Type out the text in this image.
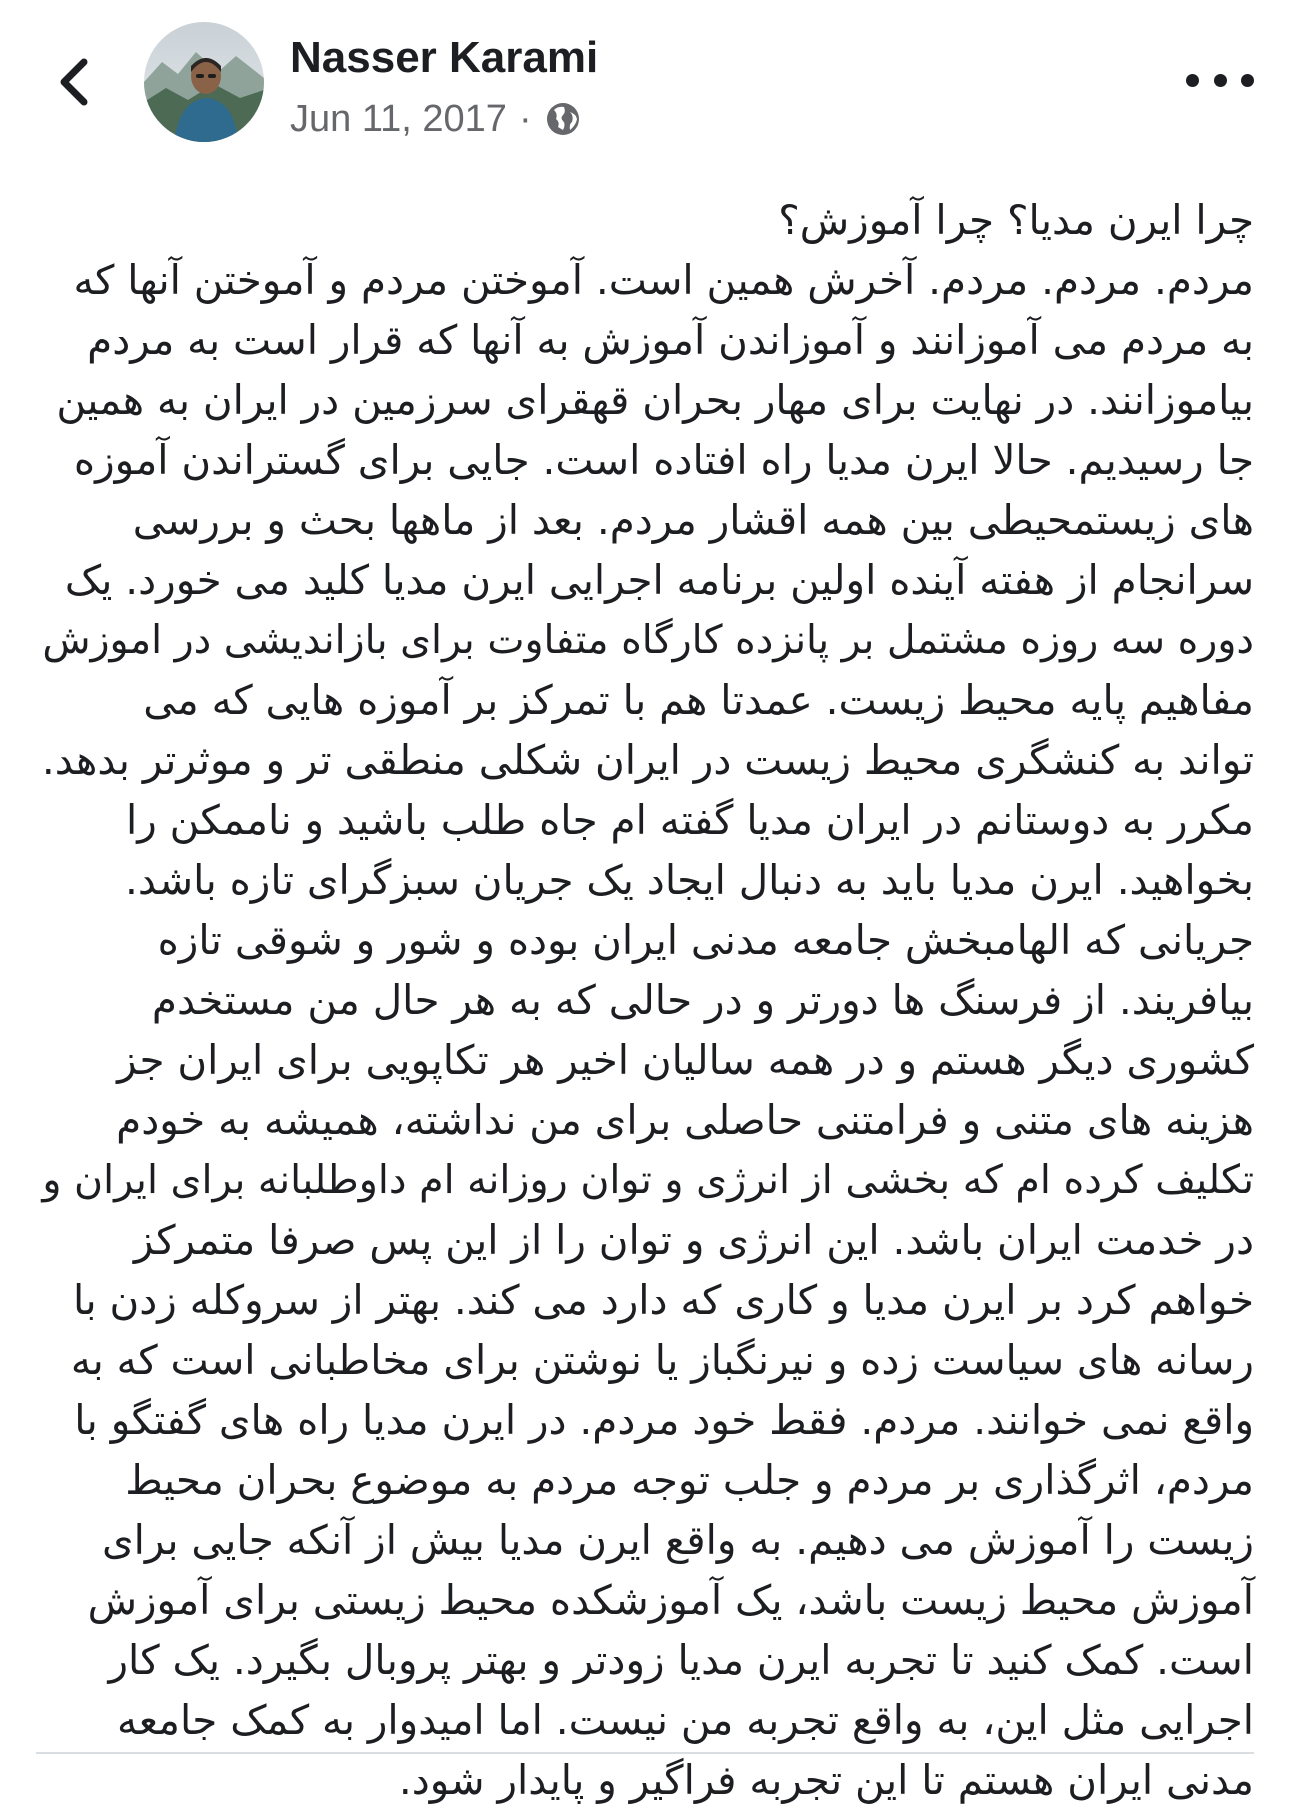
Nasser Karami
Jun 11, 2017 ·
چرا ایرن مدیا؟ چرا آموزش؟
مردم. مردم. مردم. آخرش همین است. آموختن مردم و آموختن آنها که
به مردم می آموزانند و آموزاندن آموزش به آنها که قرار است به مردم
بیاموزانند. در نهایت برای مهار بحران قهقرای سرزمین در ایران به همین
جا رسیدیم. حالا ایرن مدیا راه افتاده است. جایی برای گستراندن آموزه
های زیستمحیطی بین همه اقشار مردم. بعد از ماهها بحث و بررسی
سرانجام از هفته آینده اولین برنامه اجرایی ایرن مدیا کلید می خورد. یک
دوره سه روزه مشتمل بر پانزده کارگاه متفاوت برای بازاندیشی در اموزش
مفاهیم پایه محیط زیست. عمدتا هم با تمرکز بر آموزه هایی که می
تواند به کنشگری محیط زیست در ایران شکلی منطقی تر و موثرتر بدهد.
مکرر به دوستانم در ایران مدیا گفته ام جاه طلب باشید و ناممکن را
بخواهید. ایرن مدیا باید به دنبال ایجاد یک جریان سبزگرای تازه باشد.
جریانی که الهامبخش جامعه مدنی ایران بوده و شور و شوقی تازه
بیافریند. از فرسنگ ها دورتر و در حالی که به هر حال من مستخدم
کشوری دیگر هستم و در همه سالیان اخیر هر تکاپویی برای ایران جز
هزینه های متنی و فرامتنی حاصلی برای من نداشته، همیشه به خودم
تکلیف کرده ام که بخشی از انرژی و توان روزانه ام داوطلبانه برای ایران و
در خدمت ایران باشد. این انرژی و توان را از این پس صرفا متمرکز
خواهم کرد بر ایرن مدیا و کاری که دارد می کند. بهتر از سروکله زدن با
رسانه های سیاست زده و نیرنگباز یا نوشتن برای مخاطبانی است که به
واقع نمی خوانند. مردم. فقط خود مردم. در ایرن مدیا راه های گفتگو با
مردم، اثرگذاری بر مردم و جلب توجه مردم به موضوع بحران محیط
زیست را آموزش می دهیم. به واقع ایرن مدیا بیش از آنکه جایی برای
آموزش محیط زیست باشد، یک آموزشکده محیط زیستی برای آموزش
است. کمک کنید تا تجربه ایرن مدیا زودتر و بهتر پروبال بگیرد. یک کار
اجرایی مثل این، به واقع تجربه من نیست. اما امیدوار به کمک جامعه
مدنی ایران هستم تا این تجربه فراگیر و پایدار شود.
